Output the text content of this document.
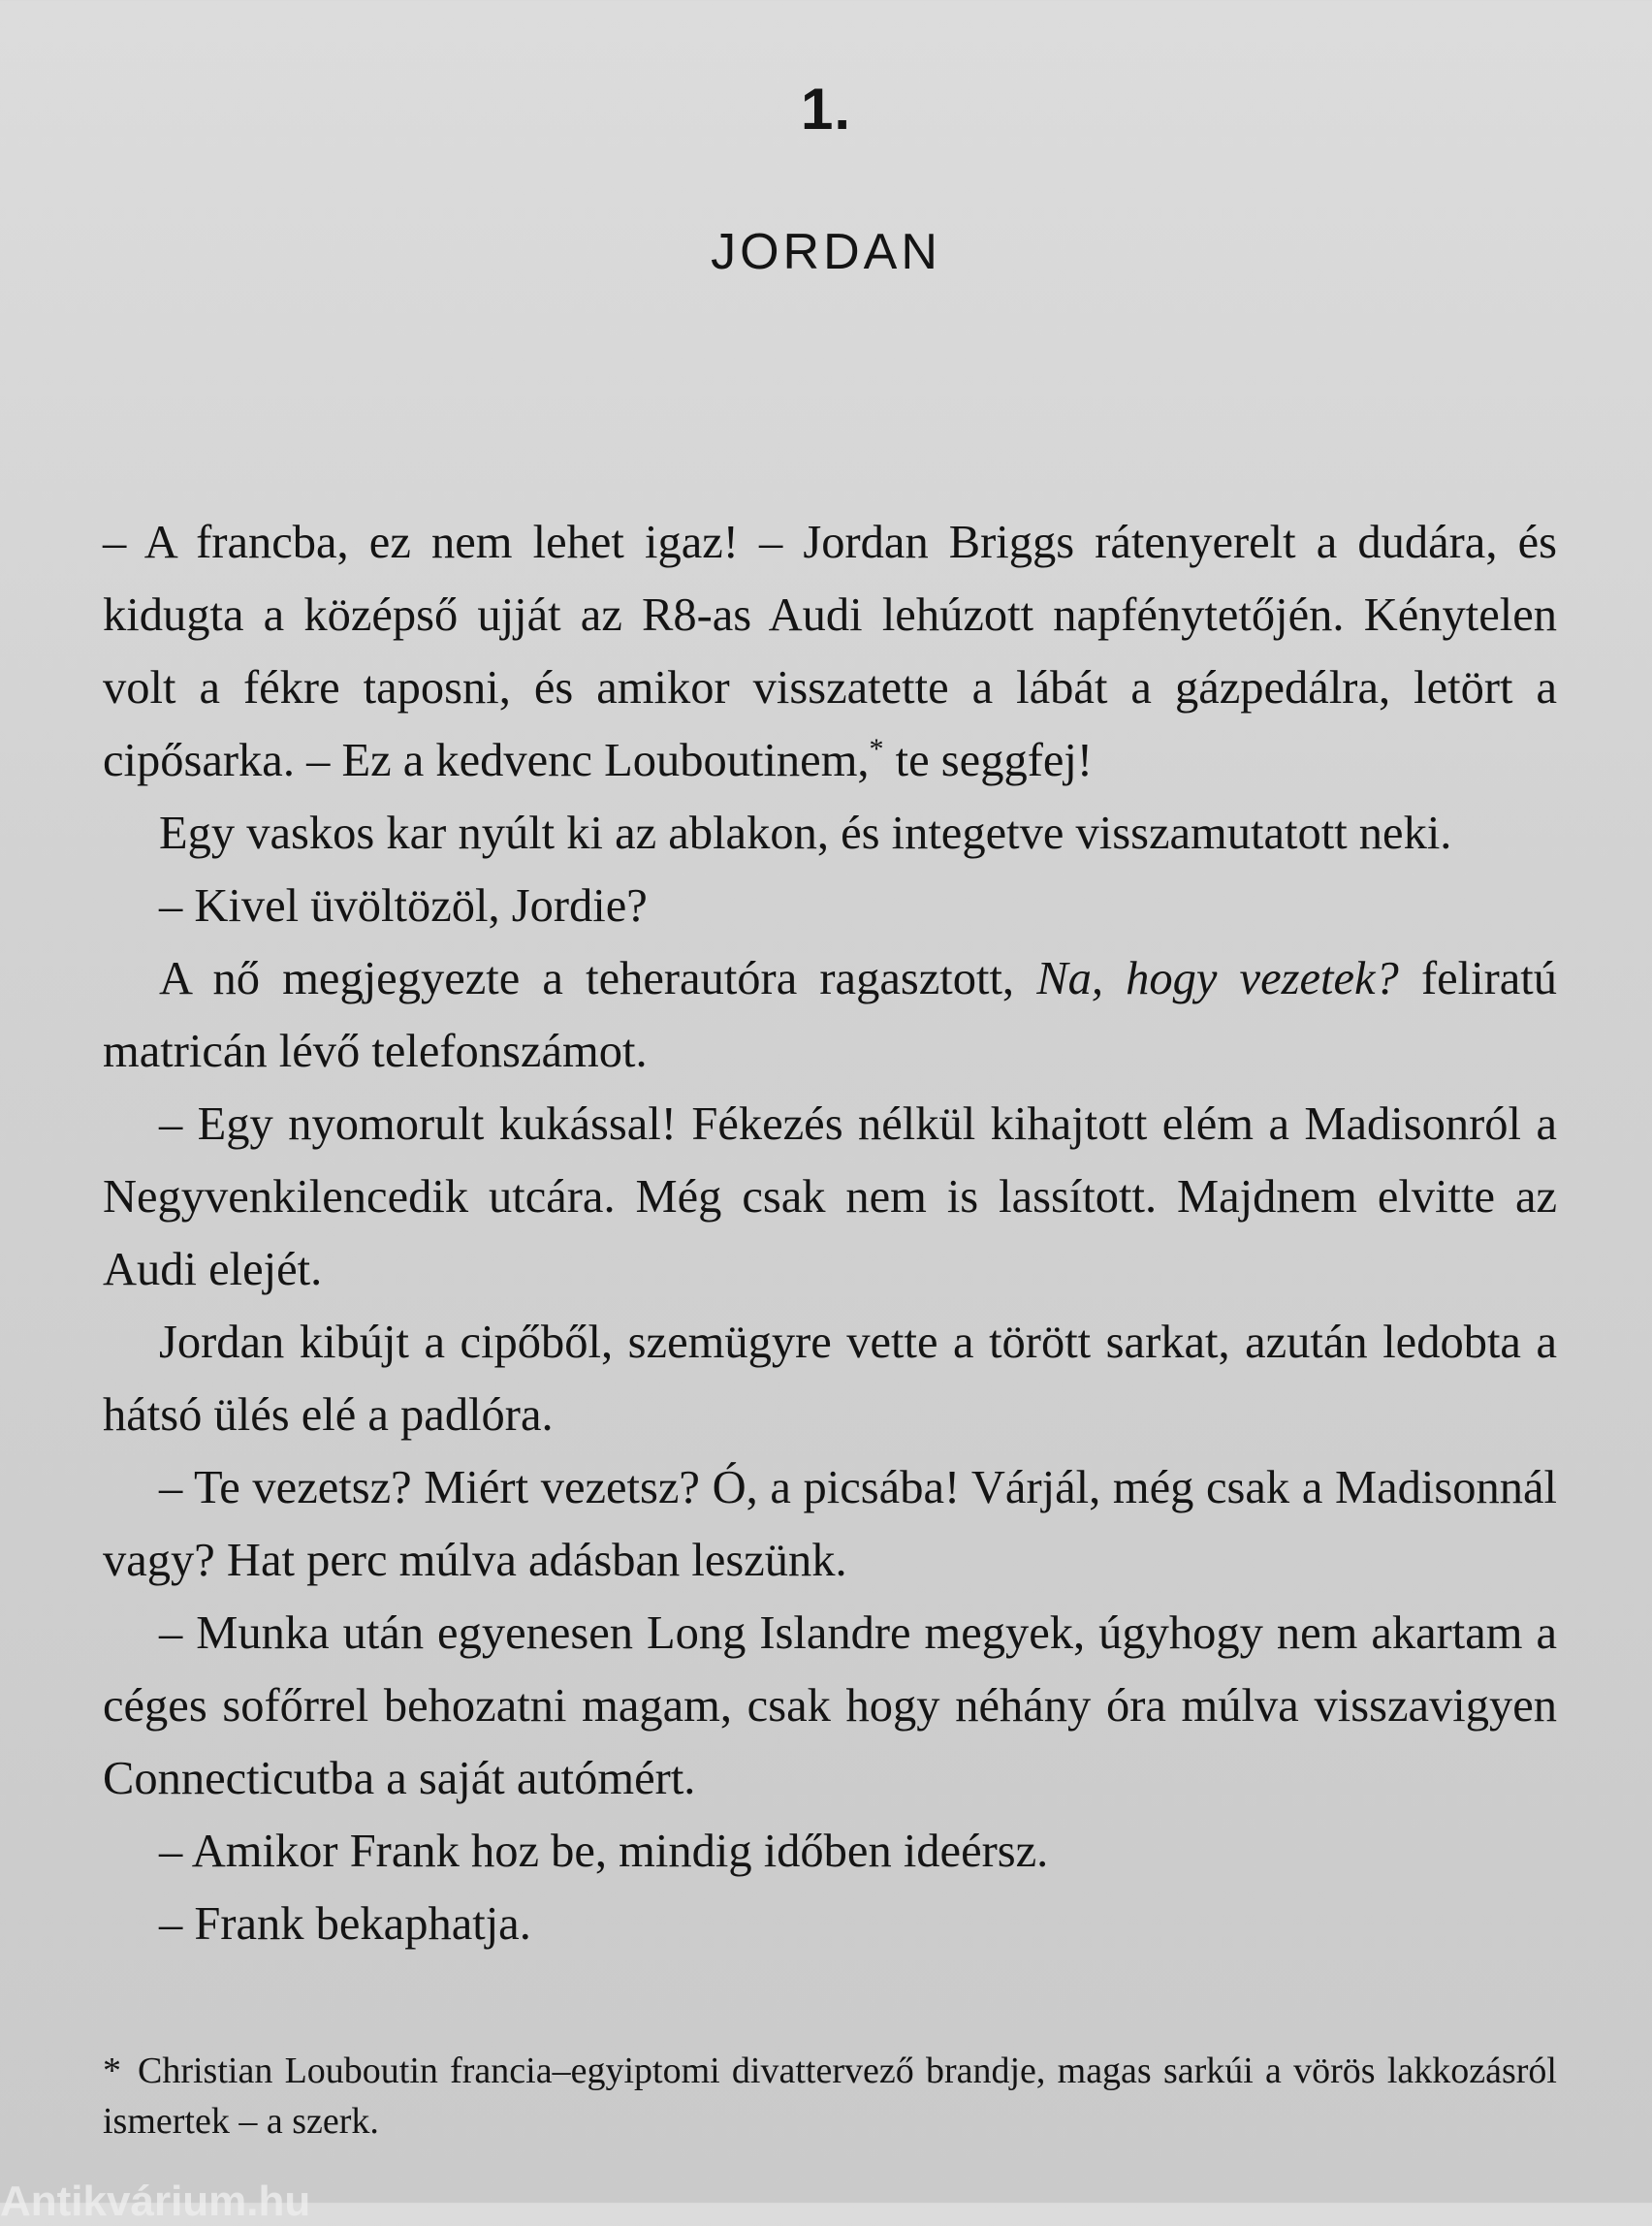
1.
JORDAN

– A francba, ez nem lehet igaz! – Jordan Briggs rátenyerelt a dudára, és kidugta a középső ujját az R8-as Audi lehúzott napfénytetőjén. Kénytelen volt a fékre taposni, és amikor visszatette a lábát a gázpedálra, letört a cipősarka. – Ez a kedvenc Louboutinem,* te seggfej!

Egy vaskos kar nyúlt ki az ablakon, és integetve visszamutatott neki.

– Kivel üvöltözöl, Jordie?

A nő megjegyezte a teherautóra ragasztott, Na, hogy vezetek? feliratú matricán lévő telefonszámot.

– Egy nyomorult kukással! Fékezés nélkül kihajtott elém a Madisonról a Negyvenkilencedik utcára. Még csak nem is lassított. Majdnem elvitte az Audi elejét.

Jordan kibújt a cipőből, szemügyre vette a törött sarkat, azután ledobta a hátsó ülés elé a padlóra.

– Te vezetsz? Miért vezetsz? Ó, a picsába! Várjál, még csak a Madisonnál vagy? Hat perc múlva adásban leszünk.

– Munka után egyenesen Long Islandre megyek, úgyhogy nem akartam a céges sofőrrel behozatni magam, csak hogy néhány óra múlva visszavigyen Connecticutba a saját autómért.

– Amikor Frank hoz be, mindig időben ideérsz.

– Frank bekaphatja.

* Christian Louboutin francia–egyiptomi divattervező brandje, magas sarkúi a vörös lakkozásról ismertek – a szerk.
Antikvárium.hu
